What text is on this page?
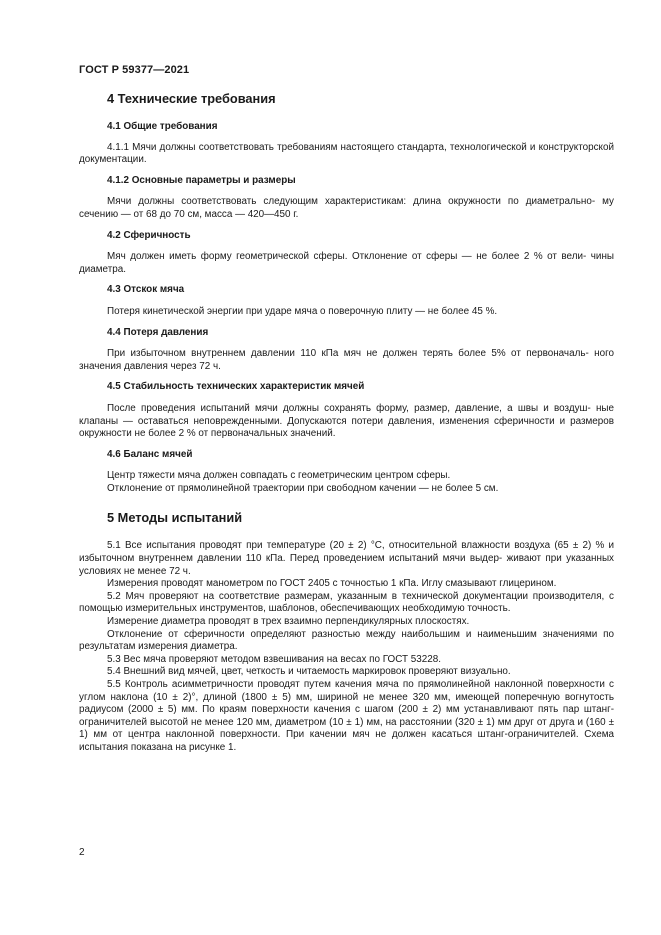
ГОСТ Р 59377—2021
4 Технические требования
4.1 Общие требования

4.1.1 Мячи должны соответствовать требованиям настоящего стандарта, технологической и конструкторской документации.

4.1.2 Основные параметры и размеры

Мячи должны соответствовать следующим характеристикам: длина окружности по диаметрально- му сечению — от 68 до 70 см, масса — 420—450 г.

4.2 Сферичность

Мяч должен иметь форму геометрической сферы. Отклонение от сферы — не более 2 % от вели- чины диаметра.

4.3 Отскок мяча

Потеря кинетической энергии при ударе мяча о поверочную плиту — не более 45 %.

4.4 Потеря давления

При избыточном внутреннем давлении 110 кПа мяч не должен терять более 5% от первоначаль- ного значения давления через 72 ч.

4.5 Стабильность технических характеристик мячей

После проведения испытаний мячи должны сохранять форму, размер, давление, а швы и воздуш- ные клапаны — оставаться неповрежденными. Допускаются потери давления, изменения сферичности и размеров окружности не более 2 % от первоначальных значений.

4.6 Баланс мячей

Центр тяжести мяча должен совпадать с геометрическим центром сферы.

Отклонение от прямолинейной траектории при свободном качении — не более 5 см.

5 Методы испытаний

5.1 Все испытания проводят при температуре (20 ± 2) °С, относительной влажности воздуха (65 ± 2) % и избыточном внутреннем давлении 110 кПа. Перед проведением испытаний мячи выдер- живают при указанных условиях не менее 72 ч.

Измерения проводят манометром по ГОСТ 2405 с точностью 1 кПа. Иглу смазывают глицерином.

5.2 Мяч проверяют на соответствие размерам, указанным в технической документации производителя, с помощью измерительных инструментов, шаблонов, обеспечивающих необходимую точность.

Измерение диаметра проводят в трех взаимно перпендикулярных плоскостях.

Отклонение от сферичности определяют разностью между наибольшим и наименьшим значениями по результатам измерения диаметра.

5.3 Вес мяча проверяют методом взвешивания на весах по ГОСТ 53228.

5.4 Внешний вид мячей, цвет, четкость и читаемость маркировок проверяют визуально.

5.5 Контроль асимметричности проводят путем качения мяча по прямолинейной наклонной поверхности с углом наклона (10 ± 2)°, длиной (1800 ± 5) мм, шириной не менее 320 мм, имеющей поперечную вогнутость радиусом (2000 ± 5) мм. По краям поверхности качения с шагом (200 ± 2) мм устанавливают пять пар штанг-ограничителей высотой не менее 120 мм, диаметром (10 ± 1) мм, на расстоянии (320 ± 1) мм друг от друга и (160 ± 1) мм от центра наклонной поверхности. При качении мяч не должен касаться штанг-ограничителей. Схема испытания показана на рисунке 1.

2
